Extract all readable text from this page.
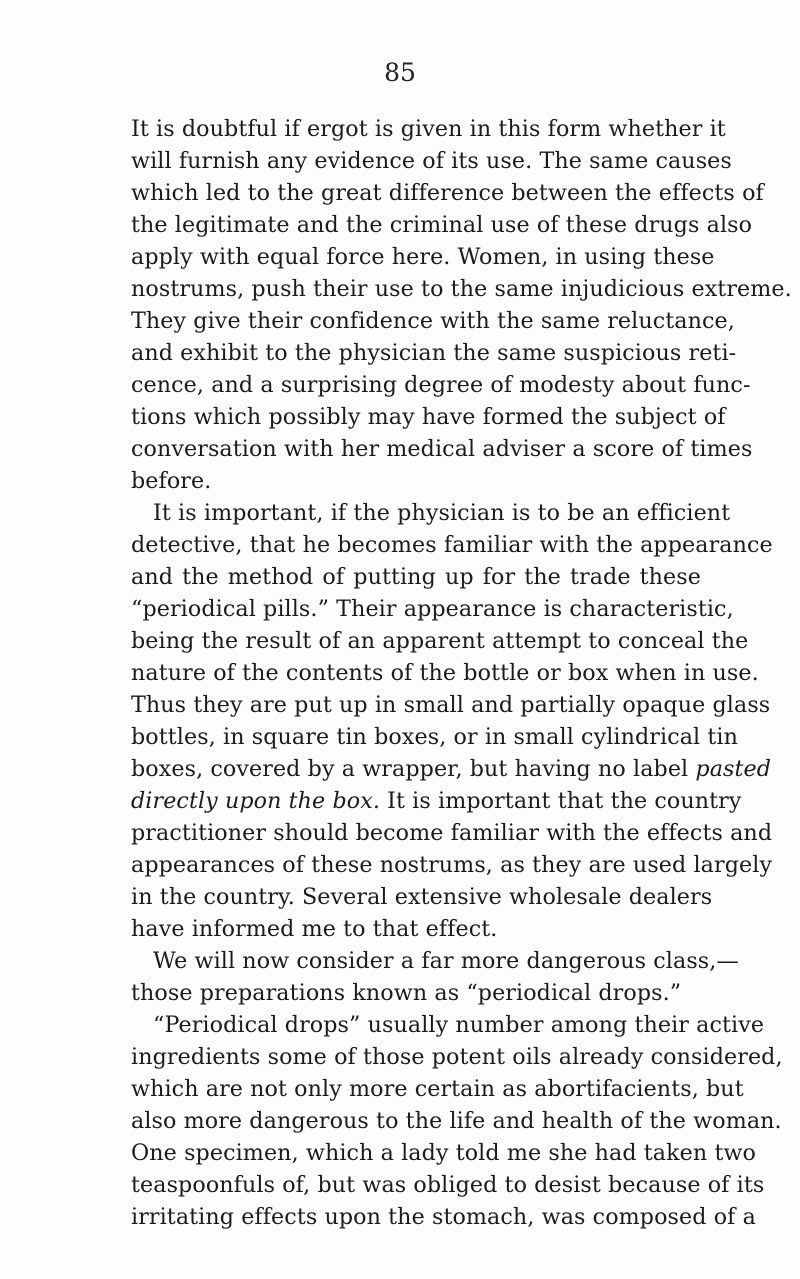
85
It is doubtful if ergot is given in this form whether it
will furnish any evidence of its use. The same causes
which led to the great difference between the effects of
the legitimate and the criminal use of these drugs also
apply with equal force here. Women, in using these
nostrums, push their use to the same injudicious extreme.
They give their confidence with the same reluctance,
and exhibit to the physician the same suspicious reti-
cence, and a surprising degree of modesty about func-
tions which possibly may have formed the subject of
conversation with her medical adviser a score of times
before.
It is important, if the physician is to be an efficient
detective, that he becomes familiar with the appearance
and the method of putting up for the trade these
“periodical pills.” Their appearance is characteristic,
being the result of an apparent attempt to conceal the
nature of the contents of the bottle or box when in use.
Thus they are put up in small and partially opaque glass
bottles, in square tin boxes, or in small cylindrical tin
boxes, covered by a wrapper, but having no label pasted
directly upon the box. It is important that the country
practitioner should become familiar with the effects and
appearances of these nostrums, as they are used largely
in the country. Several extensive wholesale dealers
have informed me to that effect.
We will now consider a far more dangerous class,—
those preparations known as “periodical drops.”
“Periodical drops” usually number among their active
ingredients some of those potent oils already considered,
which are not only more certain as abortifacients, but
also more dangerous to the life and health of the woman.
One specimen, which a lady told me she had taken two
teaspoonfuls of, but was obliged to desist because of its
irritating effects upon the stomach, was composed of a
